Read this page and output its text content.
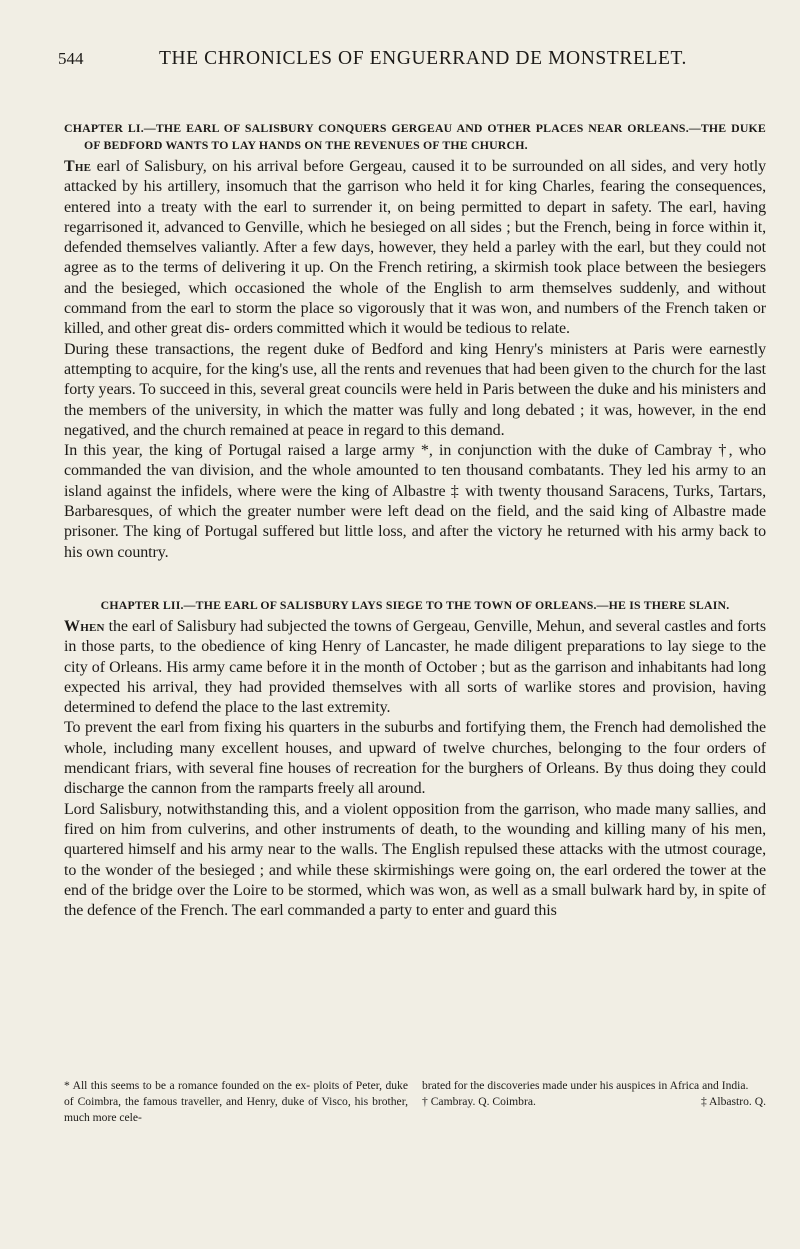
544	THE CHRONICLES OF ENGUERRAND DE MONSTRELET.
CHAPTER LI.—THE EARL OF SALISBURY CONQUERS GERGEAU AND OTHER PLACES NEAR ORLEANS.—THE DUKE OF BEDFORD WANTS TO LAY HANDS ON THE REVENUES OF THE CHURCH.

The earl of Salisbury, on his arrival before Gergeau, caused it to be surrounded on all sides, and very hotly attacked by his artillery, insomuch that the garrison who held it for king Charles, fearing the consequences, entered into a treaty with the earl to surrender it, on being permitted to depart in safety. The earl, having regarrisoned it, advanced to Genville, which he besieged on all sides ; but the French, being in force within it, defended themselves valiantly. After a few days, however, they held a parley with the earl, but they could not agree as to the terms of delivering it up. On the French retiring, a skirmish took place between the besiegers and the besieged, which occasioned the whole of the English to arm themselves suddenly, and without command from the earl to storm the place so vigorously that it was won, and numbers of the French taken or killed, and other great dis- orders committed which it would be tedious to relate.

During these transactions, the regent duke of Bedford and king Henry's ministers at Paris were earnestly attempting to acquire, for the king's use, all the rents and revenues that had been given to the church for the last forty years. To succeed in this, several great councils were held in Paris between the duke and his ministers and the members of the university, in which the matter was fully and long debated ; it was, however, in the end negatived, and the church remained at peace in regard to this demand.

In this year, the king of Portugal raised a large army *, in conjunction with the duke of Cambray †, who commanded the van division, and the whole amounted to ten thousand combatants. They led his army to an island against the infidels, where were the king of Albastre ‡ with twenty thousand Saracens, Turks, Tartars, Barbaresques, of which the greater number were left dead on the field, and the said king of Albastre made prisoner. The king of Portugal suffered but little loss, and after the victory he returned with his army back to his own country.

CHAPTER LII.—THE EARL OF SALISBURY LAYS SIEGE TO THE TOWN OF ORLEANS.—HE IS THERE SLAIN.

When the earl of Salisbury had subjected the towns of Gergeau, Genville, Mehun, and several castles and forts in those parts, to the obedience of king Henry of Lancaster, he made diligent preparations to lay siege to the city of Orleans. His army came before it in the month of October ; but as the garrison and inhabitants had long expected his arrival, they had provided themselves with all sorts of warlike stores and provision, having determined to defend the place to the last extremity.

To prevent the earl from fixing his quarters in the suburbs and fortifying them, the French had demolished the whole, including many excellent houses, and upward of twelve churches, belonging to the four orders of mendicant friars, with several fine houses of recreation for the burghers of Orleans. By thus doing they could discharge the cannon from the ramparts freely all around.

Lord Salisbury, notwithstanding this, and a violent opposition from the garrison, who made many sallies, and fired on him from culverins, and other instruments of death, to the wounding and killing many of his men, quartered himself and his army near to the walls. The English repulsed these attacks with the utmost courage, to the wonder of the besieged ; and while these skirmishings were going on, the earl ordered the tower at the end of the bridge over the Loire to be stormed, which was won, as well as a small bulwark hard by, in spite of the defence of the French. The earl commanded a party to enter and guard this

* All this seems to be a romance founded on the ex- ploits of Peter, duke of Coimbra, the famous traveller, and Henry, duke of Visco, his brother, much more cele-
brated for the discoveries made under his auspices in Africa and India.
† Cambray. Q. Coimbra.	‡ Albastro. Q.
